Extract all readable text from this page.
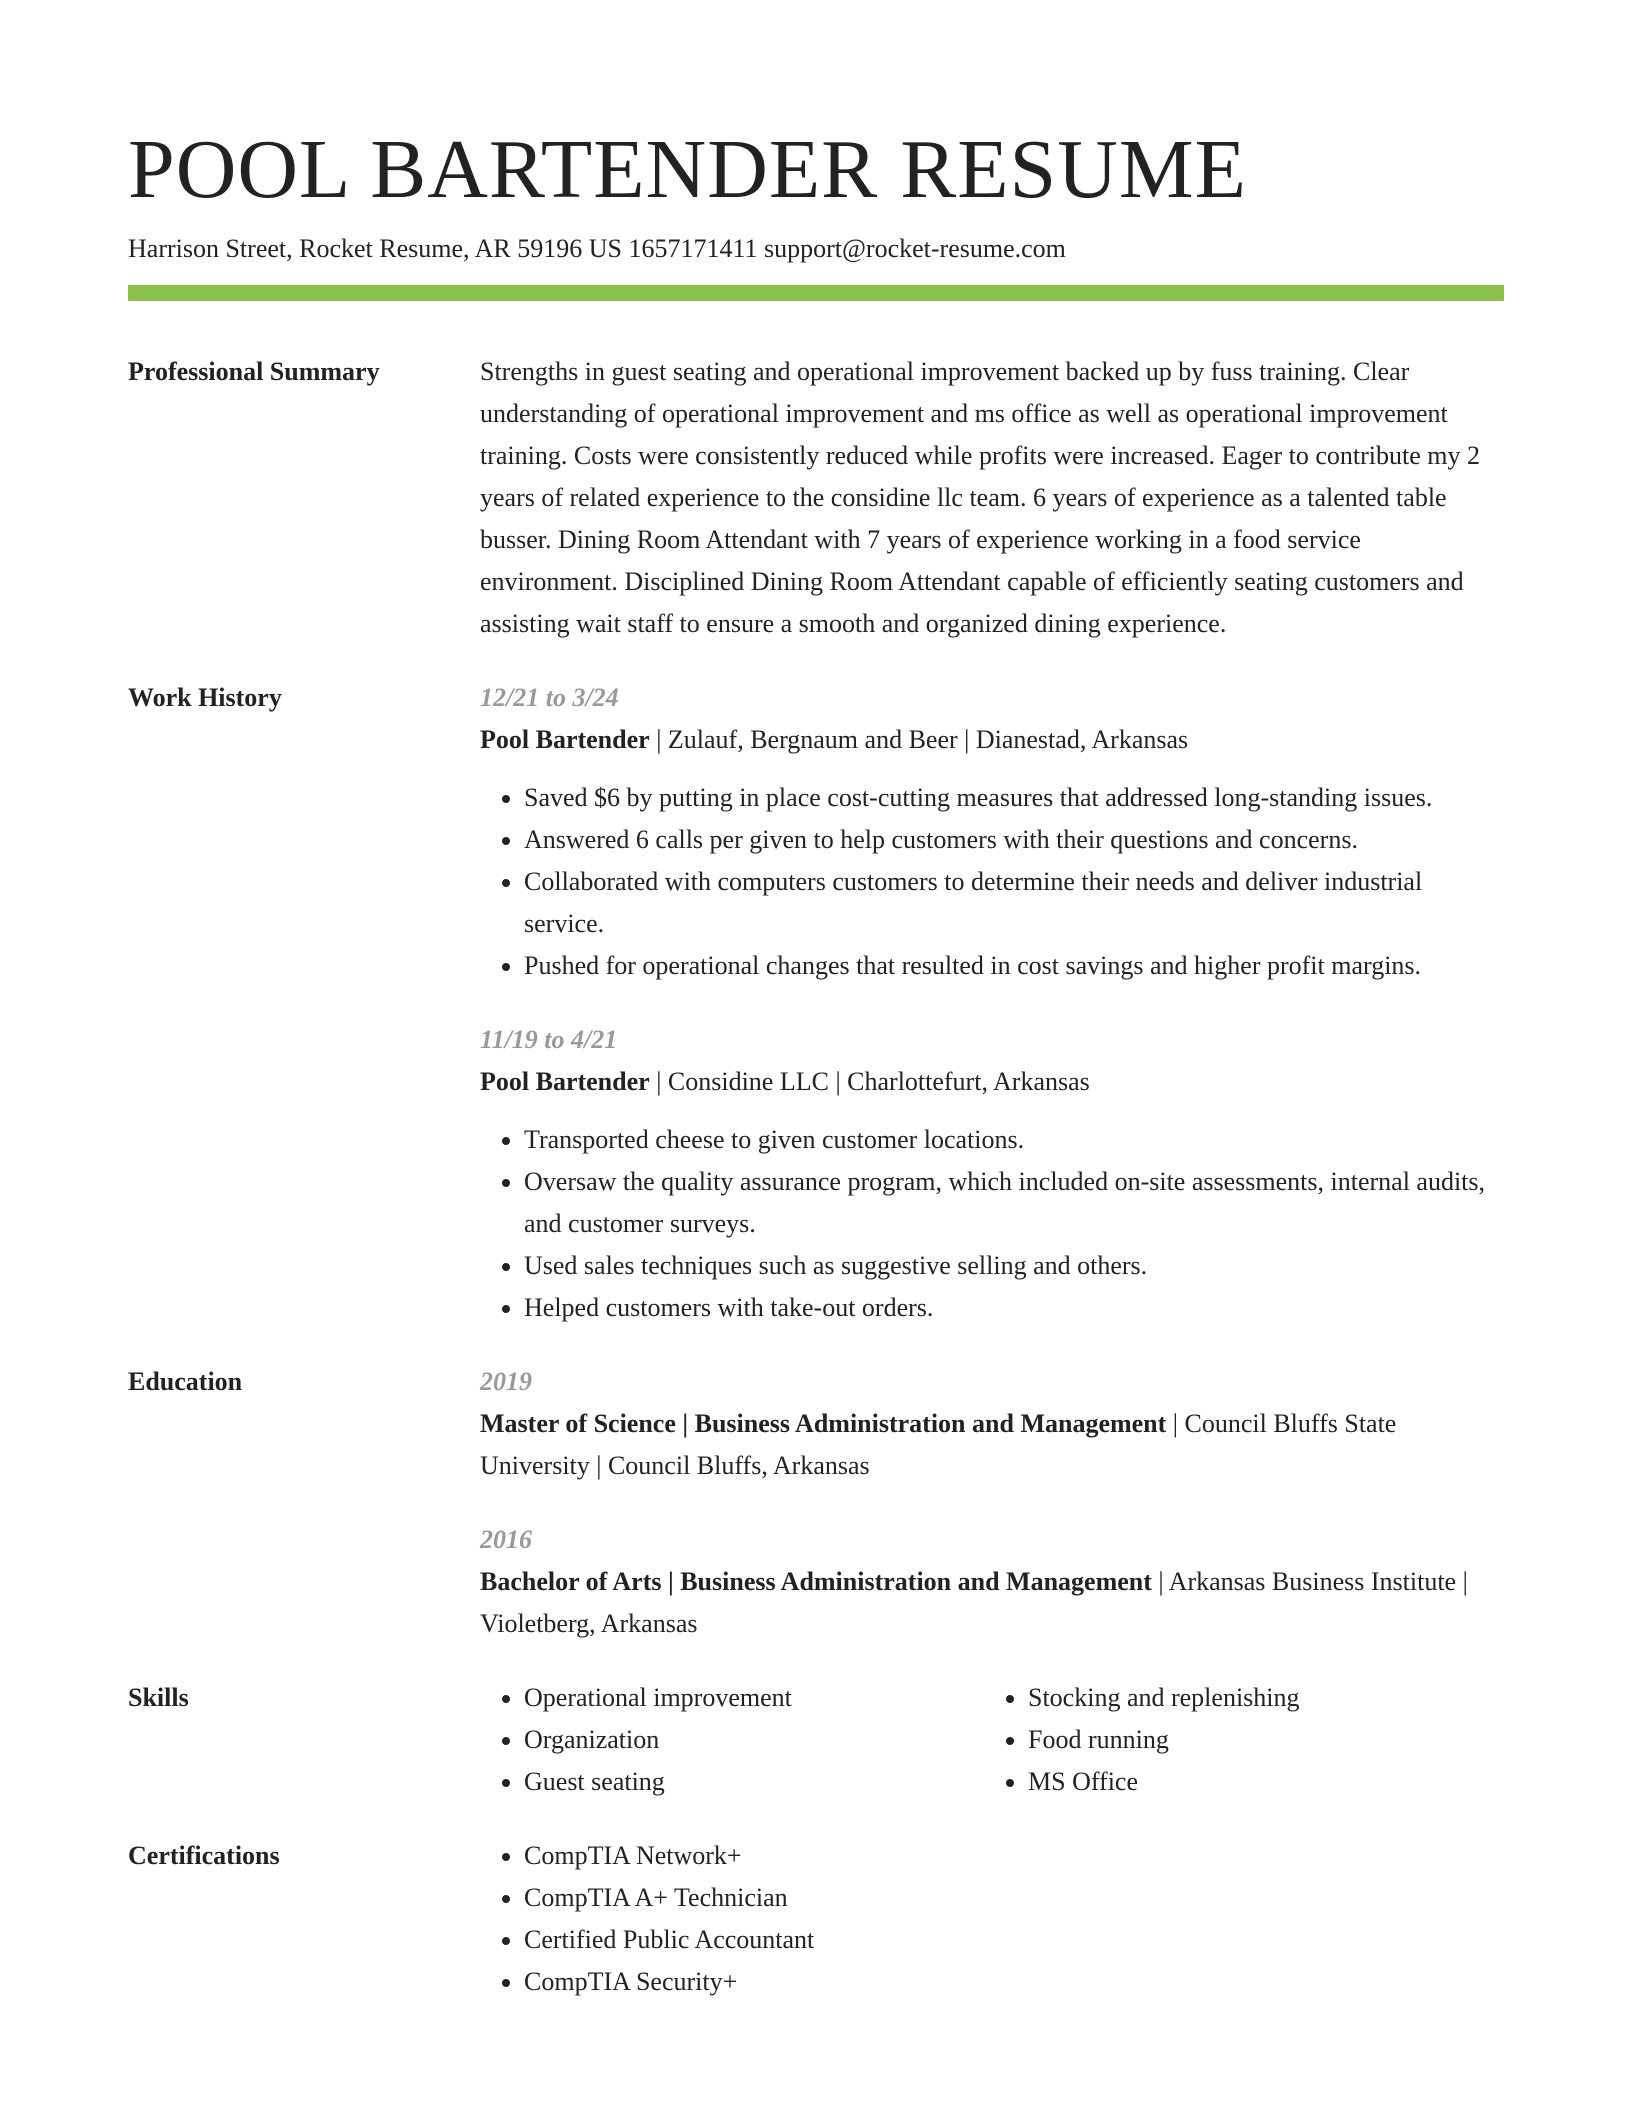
POOL BARTENDER RESUME
Harrison Street, Rocket Resume, AR 59196 US 1657171411 support@rocket-resume.com
Professional Summary	Strengths in guest seating and operational improvement backed up by fuss training. Clear understanding of operational improvement and ms office as well as operational improvement training. Costs were consistently reduced while profits were increased. Eager to contribute my 2 years of related experience to the considine llc team. 6 years of experience as a talented table busser. Dining Room Attendant with 7 years of experience working in a food service environment. Disciplined Dining Room Attendant capable of efficiently seating customers and assisting wait staff to ensure a smooth and organized dining experience.

Work History	12/21 to 3/24
Pool Bartender | Zulauf, Bergnaum and Beer | Dianestad, Arkansas
• Saved $6 by putting in place cost-cutting measures that addressed long-standing issues.
• Answered 6 calls per given to help customers with their questions and concerns.
• Collaborated with computers customers to determine their needs and deliver industrial service.
• Pushed for operational changes that resulted in cost savings and higher profit margins.
11/19 to 4/21
Pool Bartender | Considine LLC | Charlottefurt, Arkansas
• Transported cheese to given customer locations.
• Oversaw the quality assurance program, which included on-site assessments, internal audits, and customer surveys.
• Used sales techniques such as suggestive selling and others.
• Helped customers with take-out orders.
Education	2019
Master of Science | Business Administration and Management | Council Bluffs State University | Council Bluffs, Arkansas
2016
Bachelor of Arts | Business Administration and Management | Arkansas Business Institute | Violetberg, Arkansas
Skills	• Operational improvement
• Organization
• Guest seating
• Stocking and replenishing
• Food running
• MS Office
Certifications	• CompTIA Network+
• CompTIA A+ Technician
• Certified Public Accountant
• CompTIA Security+
